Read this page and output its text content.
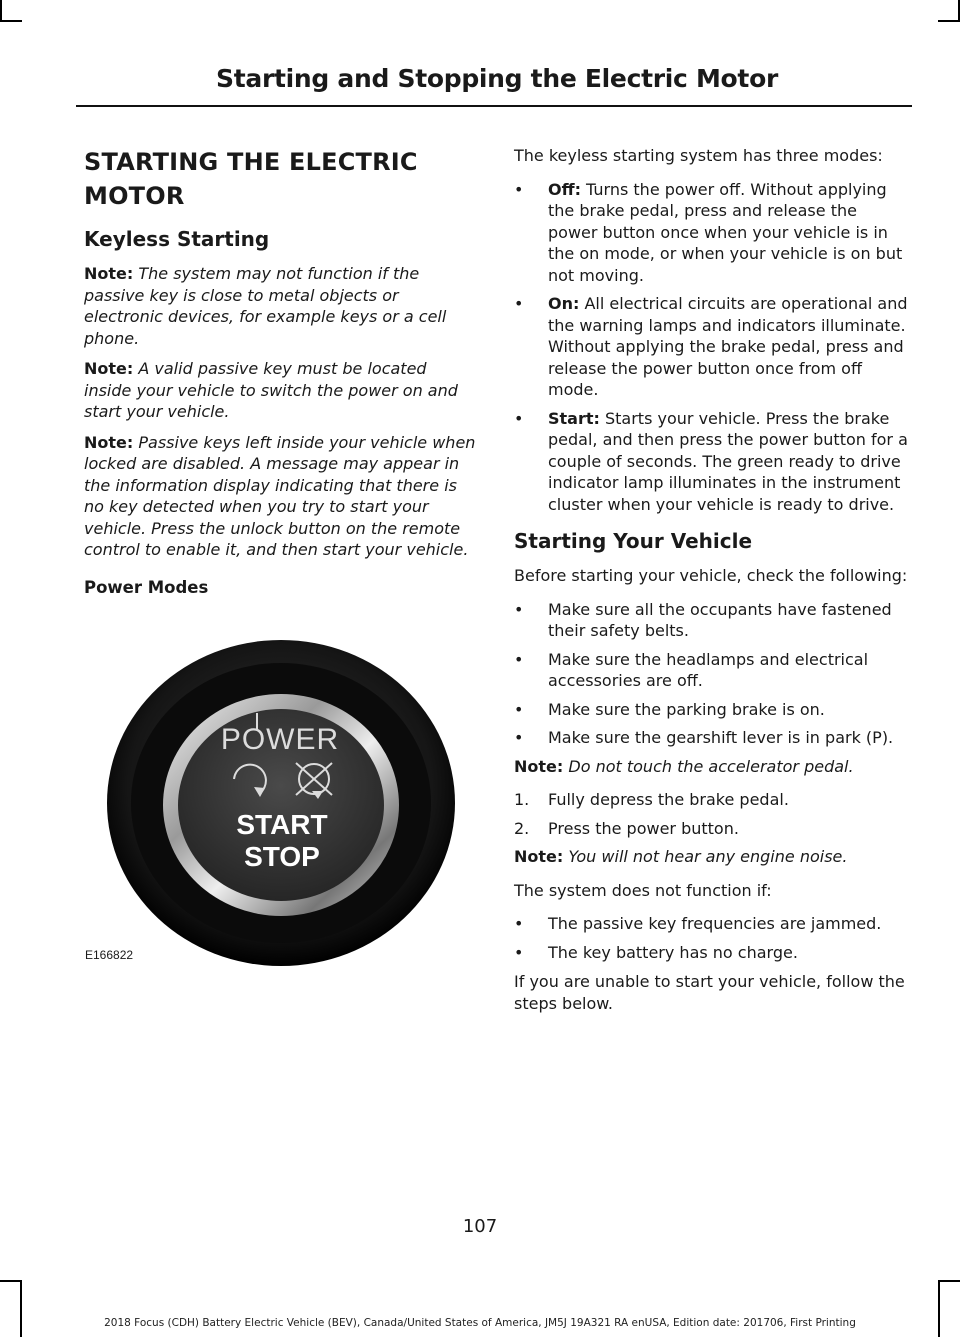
Starting and Stopping the Electric Motor
STARTING THE ELECTRIC MOTOR
Keyless Starting

Note: The system may not function if the passive key is close to metal objects or electronic devices, for example keys or a cell phone.

Note: A valid passive key must be located inside your vehicle to switch the power on and start your vehicle.

Note: Passive keys left inside your vehicle when locked are disabled. A message may appear in the information display indicating that there is no key detected when you try to start your vehicle. Press the unlock button on the remote control to enable it, and then start your vehicle.

Power Modes
POWER
START
STOP
E166822

The keyless starting system has three modes:

• Off: Turns the power off. Without applying the brake pedal, press and release the power button once when your vehicle is in the on mode, or when your vehicle is on but not moving.
• On: All electrical circuits are operational and the warning lamps and indicators illuminate. Without applying the brake pedal, press and release the power button once from off mode.
• Start: Starts your vehicle. Press the brake pedal, and then press the power button for a couple of seconds. The green ready to drive indicator lamp illuminates in the instrument cluster when your vehicle is ready to drive.
Starting Your Vehicle

Before starting your vehicle, check the following:

• Make sure all the occupants have fastened their safety belts.
• Make sure the headlamps and electrical accessories are off.
• Make sure the parking brake is on.
• Make sure the gearshift lever is in park (P).

Note: Do not touch the accelerator pedal.

1. Fully depress the brake pedal.
2. Press the power button.

Note: You will not hear any engine noise.

The system does not function if:

• The passive key frequencies are jammed.
• The key battery has no charge.

If you are unable to start your vehicle, follow the steps below.

107
2018 Focus (CDH) Battery Electric Vehicle (BEV), Canada/United States of America, JM5J 19A321 RA enUSA, Edition date: 201706, First Printing
